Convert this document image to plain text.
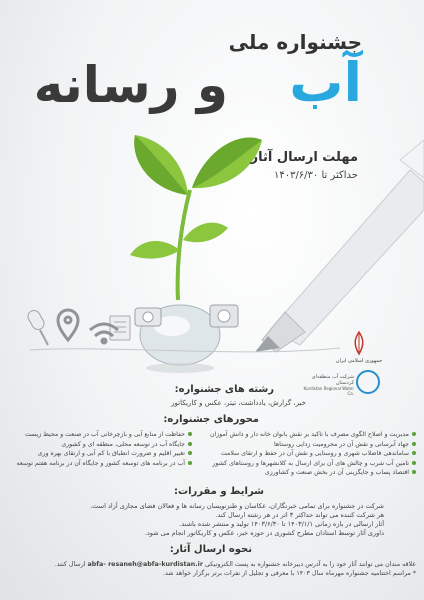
جشنواره ملی
آب
و رسانه
مهلت ارسال آثار
حداکثر تا ۱۴۰۳/۶/۳۰
جمهوری اسلامی ایران
شرکت آب منطقه‌ای کردستان
Kurdistan Regional Water Co.
رشته های جشنواره:
خبر، گزارش، یادداشت، تیتر، عکس و کاریکاتور
محورهای جشنواره:
مدیریت و اصلاح الگوی مصرف با تاکید بر نقش بانوان خانه دار و دانش آموزان
جهاد آبرسانی و نقش آن در محرومیت زدایی روستاها
ساماندهی فاضلاب شهری و روستایی و نقش آن در حفظ و ارتقای سلامت
تامین آب شرب و چالش های آن برای ارسال به کلانشهرها و روستاهای کشور
اقتصاد پساب و جایگزینی آن در بخش صنعت و کشاورزی
حفاظت از منابع آبی و بازچرخانی آب در صنعت و محیط زیست
جایگاه آب در توسعه محلی، منطقه ای و کشوری
تغییر اقلیم و ضرورت انطباق با کم آبی و ارتقای بهره وری
آب در برنامه های توسعه کشور و جایگاه آن در برنامه هفتم توسعه
شرایط و مقررات:
شرکت در جشنواره برای تمامی خبرنگاران، عکاسان و طنزنویسان رسانه ها و فعالان فضای مجازی آزاد است.
هر شرکت کننده می تواند حداکثر ۳ اثر در هر رشته ارسال کند.
آثار ارسالی در بازه زمانی ۱۴۰۳/۱/۱ تا ۱۴۰۳/۶/۳۰ تولید و منتشر شده باشند.
داوری آثار توسط استادان مطرح کشوری در حوزه خبر، عکس و کاریکاتور انجام می شود.
نحوه ارسال آثار:
علاقه مندان می توانند آثار خود را به آدرس دبیرخانه جشنواره به پست الکترونیکی abfa- resaneh@abfa-kurdistan.ir ارسال کنند.
* مراسم اختتامیه جشنواره مهرماه سال ۱۴۰۳ با معرفی و تجلیل از نفرات برتر برگزار خواهد شد.
